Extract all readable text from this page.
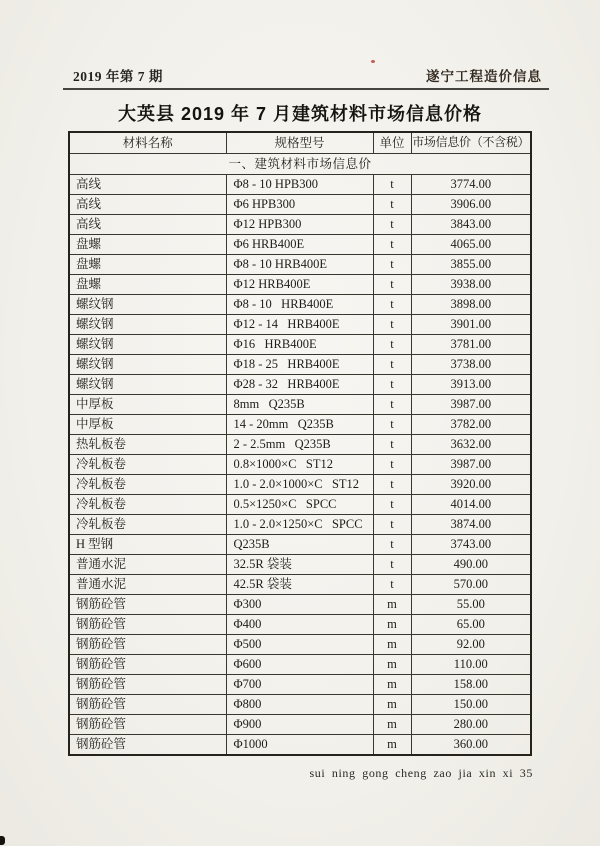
2019 年第 7 期	遂宁工程造价信息
大英县 2019 年 7 月建筑材料市场信息价格
材料名称	规格型号	单位	市场信息价（不含税）
一、建筑材料市场信息价			
高线	Φ8 - 10 HPB300	t	3774.00
高线	Φ6 HPB300	t	3906.00
高线	Φ12 HPB300	t	3843.00
盘螺	Φ6 HRB400E	t	4065.00
盘螺	Φ8 - 10 HRB400E	t	3855.00
盘螺	Φ12 HRB400E	t	3938.00
螺纹钢	Φ8 - 10   HRB400E	t	3898.00
螺纹钢	Φ12 - 14   HRB400E	t	3901.00
螺纹钢	Φ16   HRB400E	t	3781.00
螺纹钢	Φ18 - 25   HRB400E	t	3738.00
螺纹钢	Φ28 - 32   HRB400E	t	3913.00
中厚板	8mm   Q235B	t	3987.00
中厚板	14 - 20mm   Q235B	t	3782.00
热轧板卷	2 - 2.5mm   Q235B	t	3632.00
冷轧板卷	0.8×1000×C   ST12	t	3987.00
冷轧板卷	1.0 - 2.0×1000×C   ST12	t	3920.00
冷轧板卷	0.5×1250×C   SPCC	t	4014.00
冷轧板卷	1.0 - 2.0×1250×C   SPCC	t	3874.00
H 型钢	Q235B	t	3743.00
普通水泥	32.5R 袋装	t	490.00
普通水泥	42.5R 袋装	t	570.00
钢筋砼管	Φ300	m	55.00
钢筋砼管	Φ400	m	65.00
钢筋砼管	Φ500	m	92.00
钢筋砼管	Φ600	m	110.00
钢筋砼管	Φ700	m	158.00
钢筋砼管	Φ800	m	150.00
钢筋砼管	Φ900	m	280.00
钢筋砼管	Φ1000	m	360.00
sui ning gong cheng zao jia xin xi 35
